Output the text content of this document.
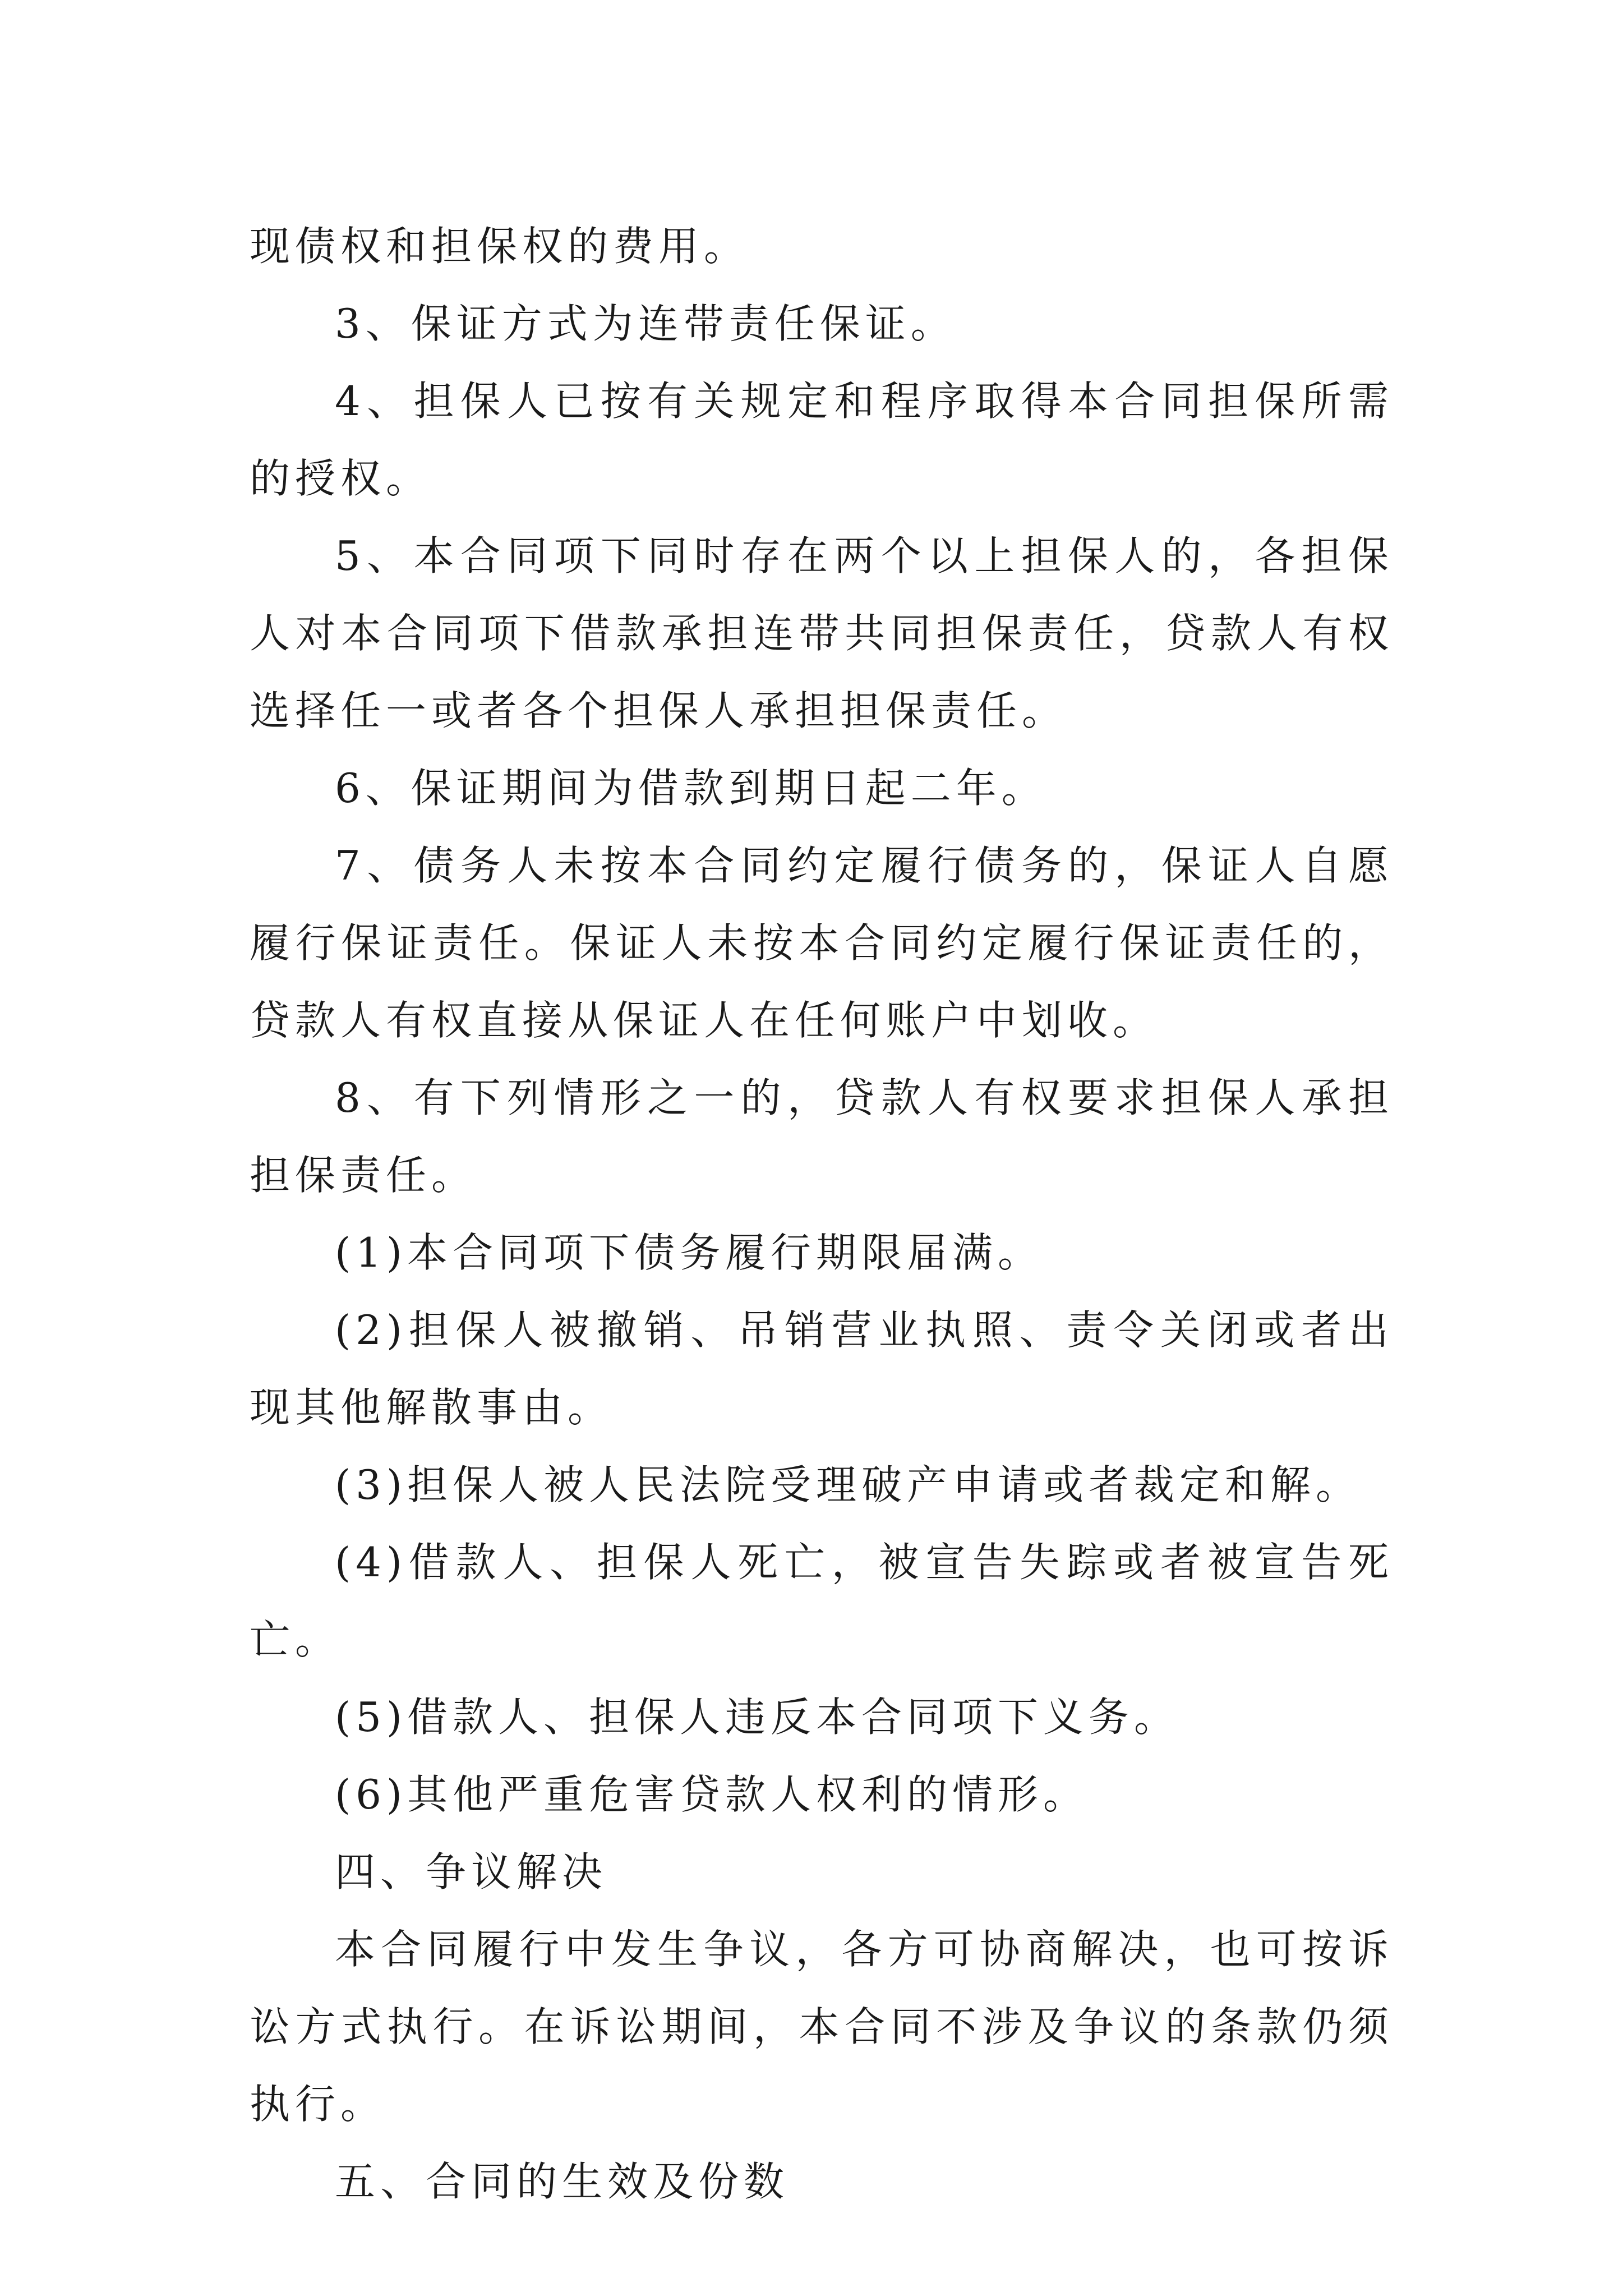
现债权和担保权的费用。

3、保证方式为连带责任保证。

4、担保人已按有关规定和程序取得本合同担保所需的授权。

5、本合同项下同时存在两个以上担保人的，各担保人对本合同项下借款承担连带共同担保责任，贷款人有权选择任一或者各个担保人承担担保责任。

6、保证期间为借款到期日起二年。

7、债务人未按本合同约定履行债务的，保证人自愿履行保证责任。保证人未按本合同约定履行保证责任的，贷款人有权直接从保证人在任何账户中划收。

8、有下列情形之一的，贷款人有权要求担保人承担担保责任。

(1)本合同项下债务履行期限届满。

(2)担保人被撤销、吊销营业执照、责令关闭或者出现其他解散事由。

(3)担保人被人民法院受理破产申请或者裁定和解。

(4)借款人、担保人死亡，被宣告失踪或者被宣告死亡。

(5)借款人、担保人违反本合同项下义务。

(6)其他严重危害贷款人权利的情形。

四、争议解决

本合同履行中发生争议，各方可协商解决，也可按诉讼方式执行。在诉讼期间，本合同不涉及争议的条款仍须执行。

五、合同的生效及份数
